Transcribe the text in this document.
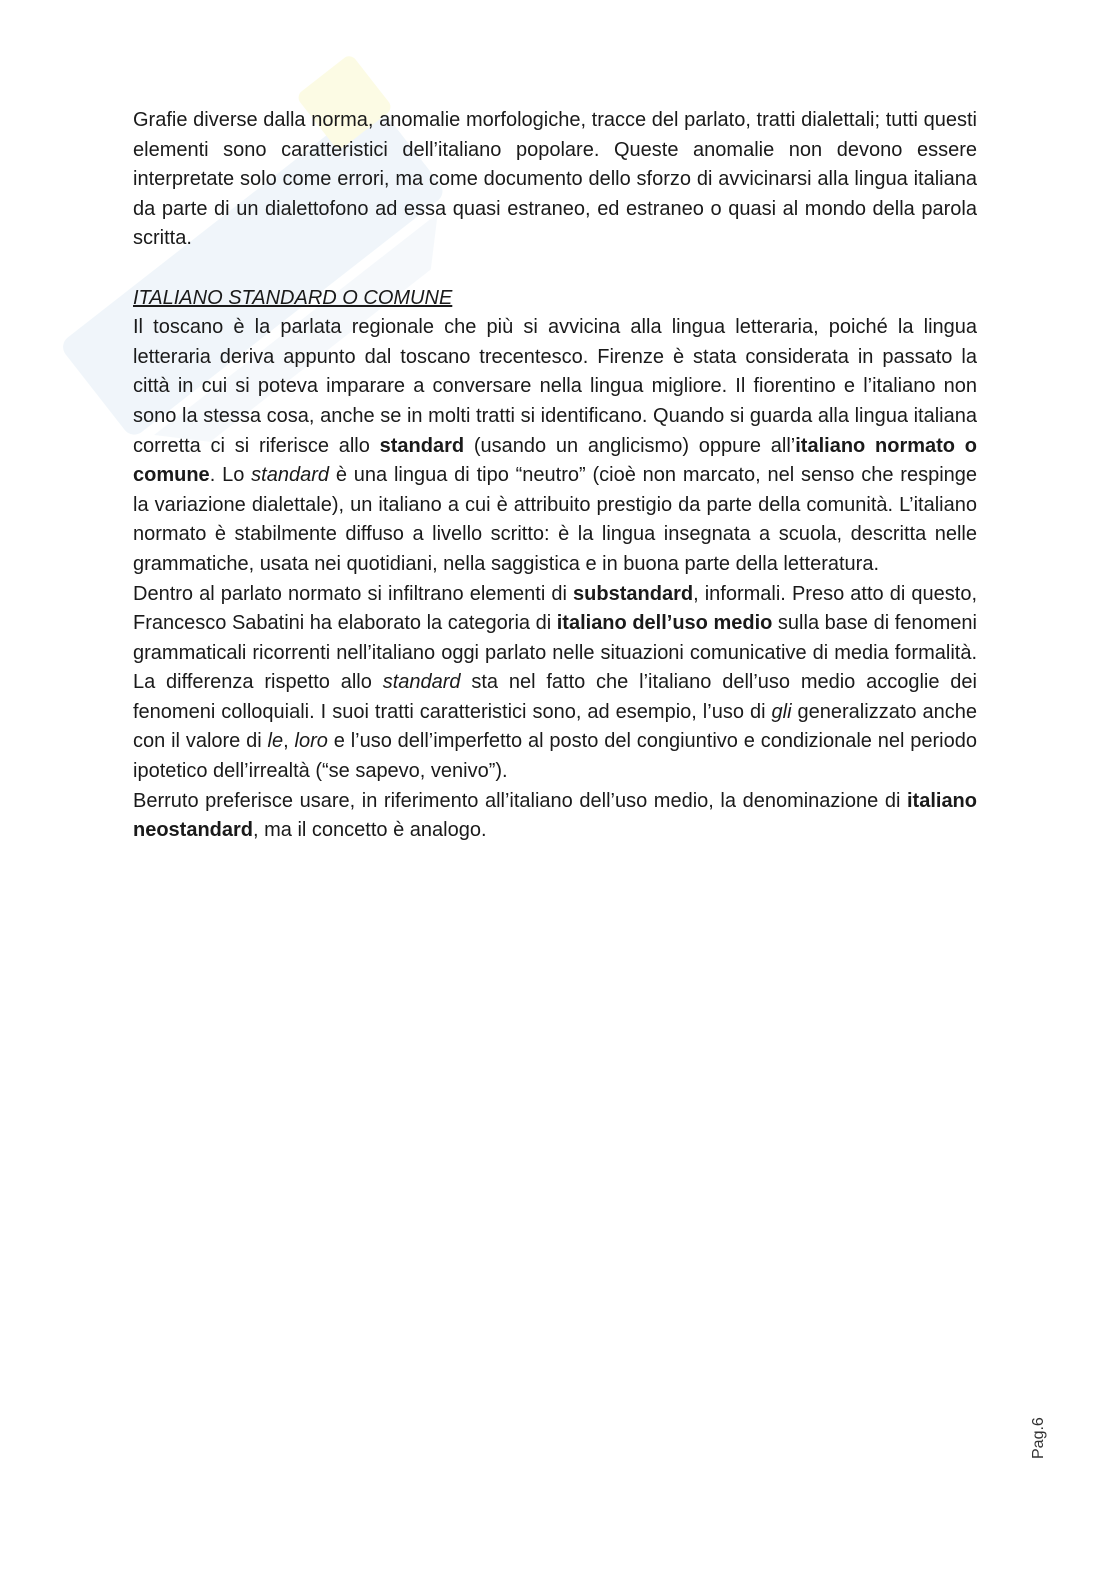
Grafie diverse dalla norma, anomalie morfologiche, tracce del parlato, tratti dialettali; tutti questi elementi sono caratteristici dell’italiano popolare. Queste anomalie non devono essere interpretate solo come errori, ma come documento dello sforzo di avvicinarsi alla lingua italiana da parte di un dialettofono ad essa quasi estraneo, ed estraneo o quasi al mondo della parola scritta.

ITALIANO STANDARD O COMUNE

Il toscano è la parlata regionale che più si avvicina alla lingua letteraria, poiché la lingua letteraria deriva appunto dal toscano trecentesco. Firenze è stata considerata in passato la città in cui si poteva imparare a conversare nella lingua migliore. Il fiorentino e l’italiano non sono la stessa cosa, anche se in molti tratti si identificano. Quando si guarda alla lingua italiana corretta ci si riferisce allo standard (usando un anglicismo) oppure all’italiano normato o comune. Lo standard è una lingua di tipo “neutro” (cioè non marcato, nel senso che respinge la variazione dialettale), un italiano a cui è attribuito prestigio da parte della comunità. L’italiano normato è stabilmente diffuso a livello scritto: è la lingua insegnata a scuola, descritta nelle grammatiche, usata nei quotidiani, nella saggistica e in buona parte della letteratura.

Dentro al parlato normato si infiltrano elementi di substandard, informali. Preso atto di questo, Francesco Sabatini ha elaborato la categoria di italiano dell’uso medio sulla base di fenomeni grammaticali ricorrenti nell’italiano oggi parlato nelle situazioni comunicative di media formalità. La differenza rispetto allo standard sta nel fatto che l’italiano dell’uso medio accoglie dei fenomeni colloquiali. I suoi tratti caratteristici sono, ad esempio, l’uso di gli generalizzato anche con il valore di le, loro e l’uso dell’imperfetto al posto del congiuntivo e condizionale nel periodo ipotetico dell’irrealtà (“se sapevo, venivo”).

Berruto preferisce usare, in riferimento all’italiano dell’uso medio, la denominazione di italiano neostandard, ma il concetto è analogo.

Pag.6
